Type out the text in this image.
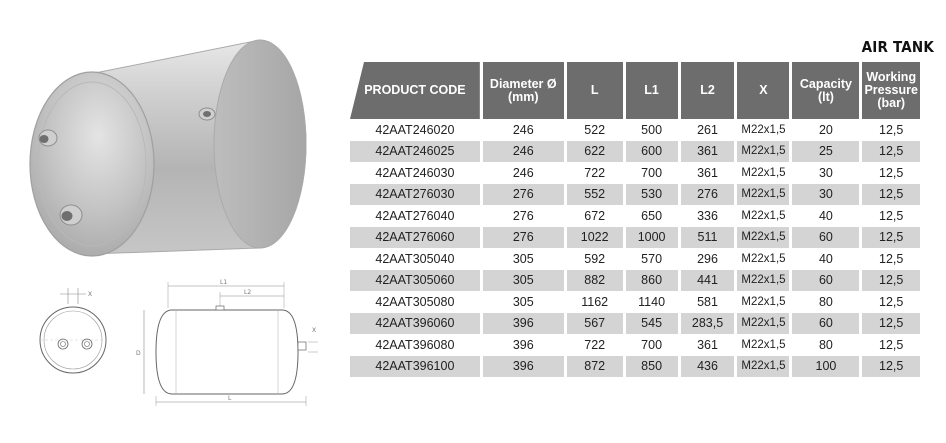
X
L1
L2
X
D
L
AIR TANK
PRODUCT CODE	Diameter Ø (mm)	L	L1	L2	X	Capacity (lt)	Working Pressure (bar)
42AAT246020	246	522	500	261	M22x1,5	20	12,5
42AAT246025	246	622	600	361	M22x1,5	25	12,5
42AAT246030	246	722	700	361	M22x1,5	30	12,5
42AAT276030	276	552	530	276	M22x1,5	30	12,5
42AAT276040	276	672	650	336	M22x1,5	40	12,5
42AAT276060	276	1022	1000	511	M22x1,5	60	12,5
42AAT305040	305	592	570	296	M22x1,5	40	12,5
42AAT305060	305	882	860	441	M22x1,5	60	12,5
42AAT305080	305	1162	1140	581	M22x1,5	80	12,5
42AAT396060	396	567	545	283,5	M22x1,5	60	12,5
42AAT396080	396	722	700	361	M22x1,5	80	12,5
42AAT396100	396	872	850	436	M22x1,5	100	12,5
